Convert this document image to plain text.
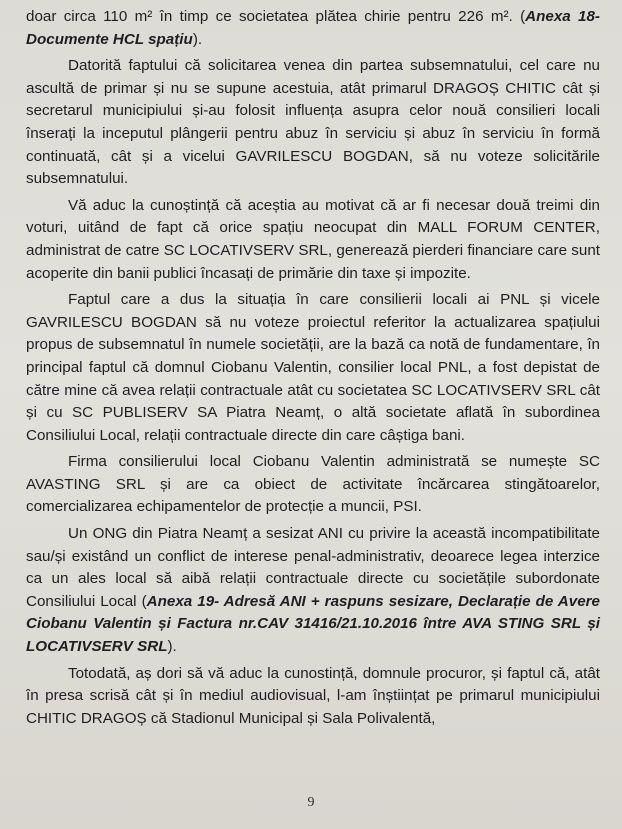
doar circa 110 m² în timp ce societatea plătea chirie pentru 226 m². (Anexa 18- Documente HCL spațiu).

Datorită faptului că solicitarea venea din partea subsemnatului, cel care nu ascultă de primar și nu se supune acestuia, atât primarul DRAGOȘ CHITIC cât și secretarul municipiului și-au folosit influența asupra celor nouă consilieri locali înserați la inceputul plângerii pentru abuz în serviciu și abuz în serviciu în formă continuată, cât și a vicelui GAVRILESCU BOGDAN, să nu voteze solicitările subsemnatului.

Vă aduc la cunoștință că aceștia au motivat că ar fi necesar două treimi din voturi, uitând de fapt că orice spațiu neocupat din MALL FORUM CENTER, administrat de catre SC LOCATIVSERV SRL, generează pierderi financiare care sunt acoperite din banii publici încasați de primărie din taxe și impozite.

Faptul care a dus la situația în care consilierii locali ai PNL și vicele GAVRILESCU BOGDAN să nu voteze proiectul referitor la actualizarea spațiului propus de subsemnatul în numele societății, are la bază ca notă de fundamentare, în principal faptul că domnul Ciobanu Valentin, consilier local PNL, a fost depistat de către mine că avea relații contractuale atât cu societatea SC LOCATIVSERV SRL cât și cu SC PUBLISERV SA Piatra Neamț, o altă societate aflată în subordinea Consiliului Local, relații contractuale directe din care câștiga bani.

Firma consilierului local Ciobanu Valentin administrată se numește SC AVASTING SRL și are ca obiect de activitate încărcarea stingătoarelor, comercializarea echipamentelor de protecție a muncii, PSI.

Un ONG din Piatra Neamț a sesizat ANI cu privire la această incompatibilitate sau/și existând un conflict de interese penal-administrativ, deoarece legea interzice ca un ales local să aibă relații contractuale directe cu societățile subordonate Consiliului Local (Anexa 19- Adresă ANI + raspuns sesizare, Declarație de Avere Ciobanu Valentin și Factura nr.CAV 31416/21.10.2016 între AVA STING SRL și LOCATIVSERV SRL).

Totodată, aș dori să vă aduc la cunostință, domnule procuror, și faptul că, atât în presa scrisă cât și în mediul audiovisual, l-am înștiințat pe primarul municipiului CHITIC DRAGOȘ că Stadionul Municipal și Sala Polivalentă,

9
